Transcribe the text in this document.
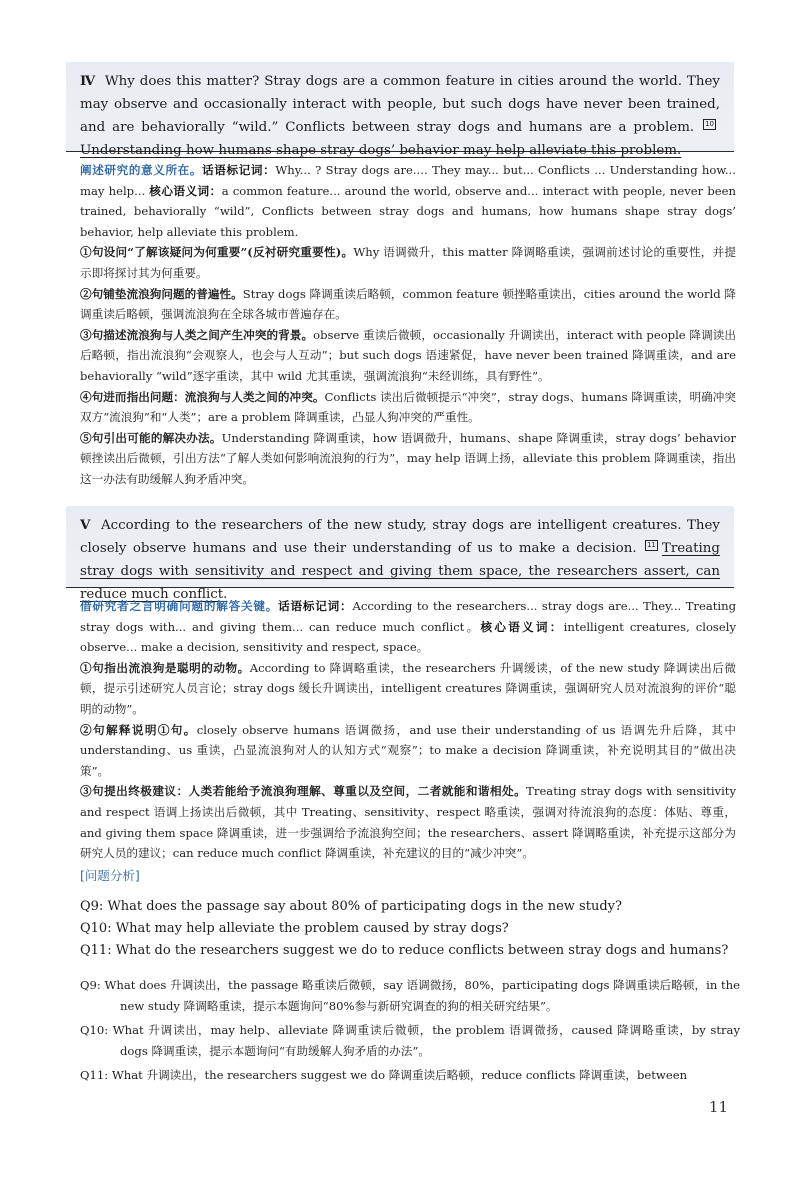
Ⅳ Why does this matter? Stray dogs are a common feature in cities around the world. They may observe and occasionally interact with people, but such dogs have never been trained, and are behaviorally “wild.” Conflicts between stray dogs and humans are a problem. 10Understanding how humans shape stray dogs’ behavior may help alleviate this problem.

阐述研究的意义所在。话语标记词：Why... ? Stray dogs are.... They may... but... Conflicts ... Understanding how... may help... 核心语义词：a common feature... around the world, observe and... interact with people, never been trained, behaviorally “wild”, Conflicts between stray dogs and humans, how humans shape stray dogs’ behavior, help alleviate this problem.

①句设问“了解该疑问为何重要”(反衬研究重要性)。Why 语调微升，this matter 降调略重读，强调前述讨论的重要性，并提示即将探讨其为何重要。

②句铺垫流浪狗问题的普遍性。Stray dogs 降调重读后略顿，common feature 顿挫略重读出，cities around the world 降调重读后略顿，强调流浪狗在全球各城市普遍存在。

③句描述流浪狗与人类之间产生冲突的背景。observe 重读后微顿，occasionally 升调读出，interact with people 降调读出后略顿，指出流浪狗“会观察人，也会与人互动”；but such dogs 语速紧促，have never been trained 降调重读，and are behaviorally “wild”逐字重读，其中 wild 尤其重读，强调流浪狗“未经训练，具有野性”。

④句进而指出问题：流浪狗与人类之间的冲突。Conflicts 读出后微顿提示“冲突”，stray dogs、humans 降调重读，明确冲突双方“流浪狗”和“人类”；are a problem 降调重读，凸显人狗冲突的严重性。

⑤句引出可能的解决办法。Understanding 降调重读，how 语调微升，humans、shape 降调重读，stray dogs’ behavior 顿挫读出后微顿，引出方法“了解人类如何影响流浪狗的行为”，may help 语调上扬，alleviate this problem 降调重读，指出这一办法有助缓解人狗矛盾冲突。

Ⅴ According to the researchers of the new study, stray dogs are intelligent creatures. They closely observe humans and use their understanding of us to make a decision. 11 Treating stray dogs with sensitivity and respect and giving them space, the researchers assert, can reduce much conflict.

借研究者之言明确问题的解答关键。话语标记词：According to the researchers... stray dogs are... They... Treating stray dogs with... and giving them... can reduce much conflict。核心语义词：intelligent creatures, closely observe... make a decision, sensitivity and respect, space。

①句指出流浪狗是聪明的动物。According to 降调略重读，the researchers 升调缓读，of the new study 降调读出后微顿，提示引述研究人员言论；stray dogs 缓长升调读出，intelligent creatures 降调重读，强调研究人员对流浪狗的评价“聪明的动物”。

②句解释说明①句。closely observe humans 语调微扬，and use their understanding of us 语调先升后降，其中 understanding、us 重读，凸显流浪狗对人的认知方式“观察”；to make a decision 降调重读，补充说明其目的“做出决策”。

③句提出终极建议：人类若能给予流浪狗理解、尊重以及空间，二者就能和谐相处。Treating stray dogs with sensitivity and respect 语调上扬读出后微顿，其中 Treating、sensitivity、respect 略重读，强调对待流浪狗的态度：体贴、尊重，and giving them space 降调重读，进一步强调给予流浪狗空间；the researchers、assert 降调略重读，补充提示这部分为研究人员的建议；can reduce much conflict 降调重读，补充建议的目的“减少冲突”。

[问题分析]

Q9: What does the passage say about 80% of participating dogs in the new study?

Q10: What may help alleviate the problem caused by stray dogs?

Q11: What do the researchers suggest we do to reduce conflicts between stray dogs and humans?

Q9: What does 升调读出，the passage 略重读后微顿，say 语调微扬，80%，participating dogs 降调重读后略顿，in the new study 降调略重读，提示本题询问“80%参与新研究调查的狗的相关研究结果”。

Q10: What 升调读出，may help、alleviate 降调重读后微顿，the problem 语调微扬，caused 降调略重读，by stray dogs 降调重读，提示本题询问“有助缓解人狗矛盾的办法”。

Q11: What 升调读出，the researchers suggest we do 降调重读后略顿，reduce conflicts 降调重读，between

11
